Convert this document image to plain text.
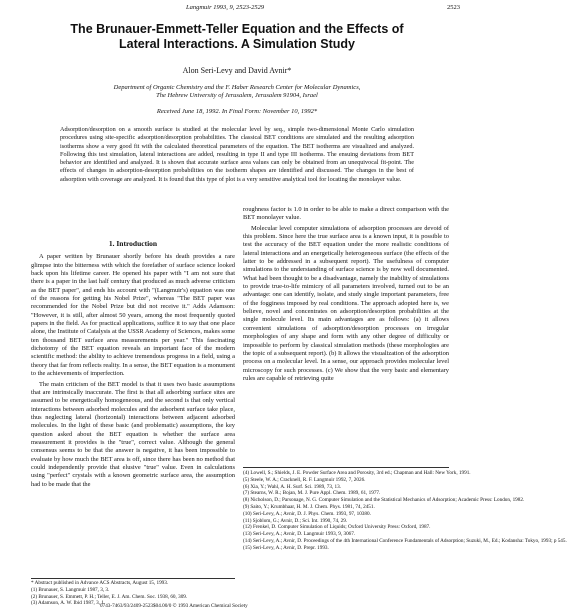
Langmuir 1993, 9, 2523-2529	2523
The Brunauer-Emmett-Teller Equation and the Effects of
Lateral Interactions. A Simulation Study
Alon Seri-Levy and David Avnir*
Department of Organic Chemistry and the F. Haber Research Center for Molecular Dynamics,
The Hebrew University of Jerusalem, Jerusalem 91904, Israel
Received June 18, 1992. In Final Form: November 10, 1992*

Adsorption/desorption on a smooth surface is studied at the molecular level by seq., simple two-dimensional Monte Carlo simulation procedures using site-specific adsorption/desorption probabilities. The classical BET conditions are simulated and the resulting adsorption isotherms show a very good fit with the calculated theoretical parameters of the equation. The BET isotherms are visualized and analyzed. Following this test simulation, lateral interactions are added, resulting in type II and type III isotherms. The ensuing deviations from BET behavior are identified and analyzed. It is shown that accurate surface area values can only be obtained from an unequivocal fit-point. The effects of changes in adsorption-desorption probabilities on the isotherm shapes are identified and discussed. The changes in the best of adsorption with coverage are analyzed. It is found that this type of plot is a very sensitive analytical tool for locating the monolayer value.

1. Introduction

A paper written by Brunauer shortly before his death provides a rare glimpse into the bitterness with which the forefather of surface science looked back upon his lifetime career. He opened his paper with "I am not sure that there is a paper in the last half century that produced as much adverse criticism as the BET paper", and ends his account with "(Langmuir's) equation was one of the reasons for getting his Nobel Prize", whereas "The BET paper was recommended for the Nobel Prize but did not receive it." Adds Adamson: "However, it is still, after almost 50 years, among the most frequently quoted papers in the field. As for practical applications, suffice it to say that one place alone, the Institute of Catalysis at the USSR Academy of Sciences, makes some ten thousand BET surface area measurements per year." This fascinating dichotomy of the BET equation reveals an important face of the modern scientific method: the ability to achieve tremendous progress in a field, using a theory that far from reflects reality. In a sense, the BET equation is a monument to the achievements of imperfection.

The main criticism of the BET model is that it uses two basic assumptions that are intrinsically inaccurate. The first is that all adsorbing surface sites are assumed to be energetically homogeneous, and the second is that only vertical interactions between adsorbed molecules and the adsorbent surface take place, thus neglecting lateral (horizontal) interactions between adjacent adsorbed molecules. In the light of these basic (and problematic) assumptions, the key question asked about the BET equation is whether the surface area measurement it provides is the "true", correct value. Although the general consensus seems to be that the answer is negative, it has been impossible to evaluate by how much the BET area is off, since there has been no method that could independently provide that elusive "true" value. Even in calculations using "perfect" crystals with a known geometric surface area, the assumption had to be made that the

* Abstract published in Advance ACS Abstracts, August 15, 1993.
(1) Brunauer, S. Langmuir 1987, 3, 3.
(2) Brunauer, S. Emmett, P. H.; Teller, E. J. Am. Chem. Soc. 1938, 60, 309.
(3) Adamson, A. W. Ibid 1987, 3, 1.

roughness factor is 1.0 in order to be able to make a direct comparison with the BET monolayer value.

Molecular level computer simulations of adsorption processes are devoid of this problem. Since here the true surface area is a known input, it is possible to test the accuracy of the BET equation under the more realistic conditions of lateral interactions and an energetically heterogeneous surface (the effects of the latter to be addressed in a subsequent report). The usefulness of computer simulations to the understanding of surface science is by now well documented. What had been thought to be a disadvantage, namely the inability of simulations to provide true-to-life mimicry of all parameters involved, turned out to be an advantage: one can identify, isolate, and study single important parameters, free of the fogginess imposed by real conditions. The approach adopted here is, we believe, novel and concentrates on adsorption/desorption probabilities at the single molecule level. Its main advantages are as follows: (a) it allows convenient simulations of adsorption/desorption processes on irregular morphologies of any shape and form with any other degree of difficulty or impossible to perform by classical simulation methods (these morphologies are the topic of a subsequent report). (b) It allows the visualization of the adsorption process on a molecular level. In a sense, our approach provides molecular level microscopy for such processes. (c) We show that the very basic and elementary rules are capable of retrieving quite

(4) Lowell, S.; Shields, J. E. Powder Surface Area and Porosity, 3rd ed.; Chapman and Hall: New York, 1991.
(5) Steele, W. A.; Cracknell, R. F. Langmuir 1992, 7, 2026.
(6) Xia, Y.; Wahl, A. H. Surf. Sci. 1989, 73, 13.
(7) Stearns, W. R.; Bojan, M. J. Pure Appl. Chem. 1989, 61, 1977.
(8) Nicholson, D.; Parsonage, N. G. Computer Simulation and the Statistical Mechanics of Adsorption; Academic Press: London, 1982.
(9) Saito, Y.; Krumbhaar, H. M. J. Chem. Phys. 1981, 74, 2451.
(10) Seri-Levy, A.; Avnir, D. J. Phys. Chem. 1993, 97, 10380.
(11) Sjoblom, G.; Avnir, D.; Sci. Int. 1990, 74, 29.
(12) Frenkel, D. Computer Simulation of Liquids; Oxford University Press: Oxford, 1987.
(13) Seri-Levy, A.; Avnir, D. Langmuir 1993, 9, 3067.
(14) Seri-Levy, A.; Avnir, D. Proceedings of the 4th International Conference Fundamentals of Adsorption; Suzuki, M., Ed.; Kodansha: Tokyo, 1993; p 545.
(15) Seri-Levy, A.; Avnir, D. Prepr. 1993.
0743-7463/93/2409-2523$04.00/0 © 1993 American Chemical Society
